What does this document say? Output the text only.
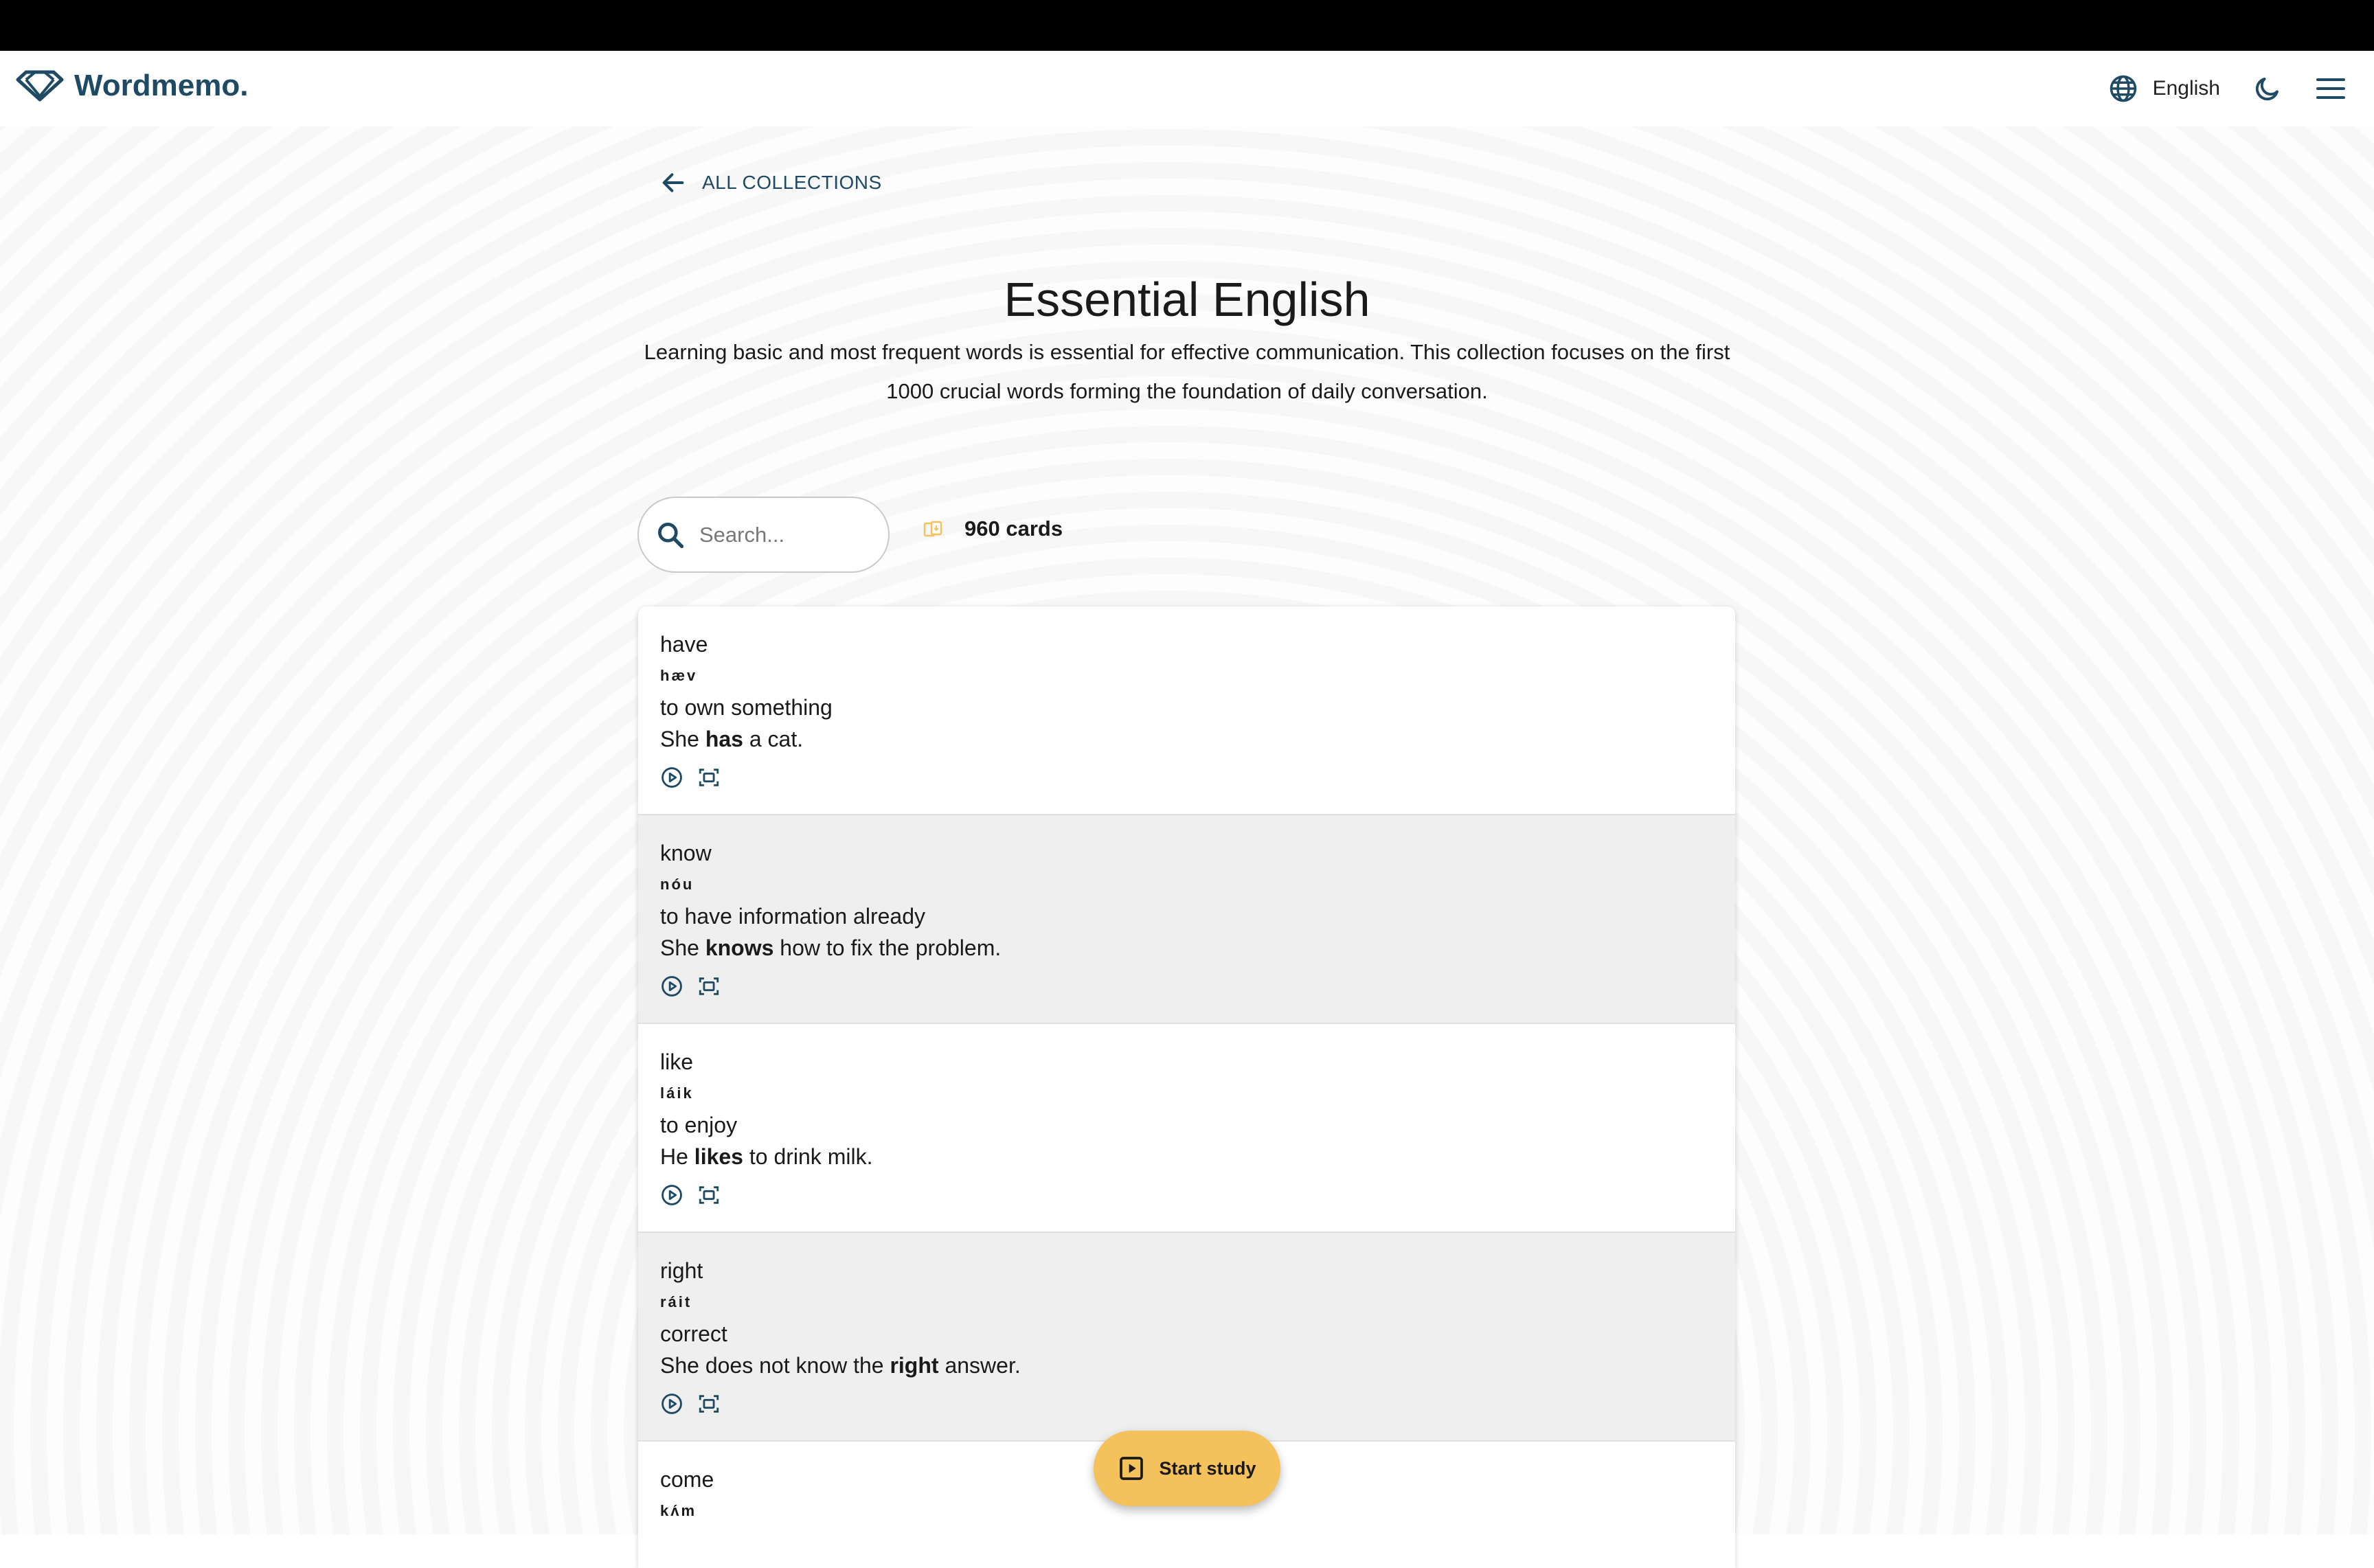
Wordmemo.	English
ALL COLLECTIONS
Essential English

Learning basic and most frequent words is essential for effective communication. This collection focuses on the first 1000 crucial words forming the foundation of daily conversation.

Search...
960 cards
have
hæv
to own something
She has a cat.
know
nóu
to have information already
She knows how to fix the problem.
like
láik
to enjoy
He likes to drink milk.
right
ráit
correct
She does not know the right answer.
come
kʌ́m
Start study
